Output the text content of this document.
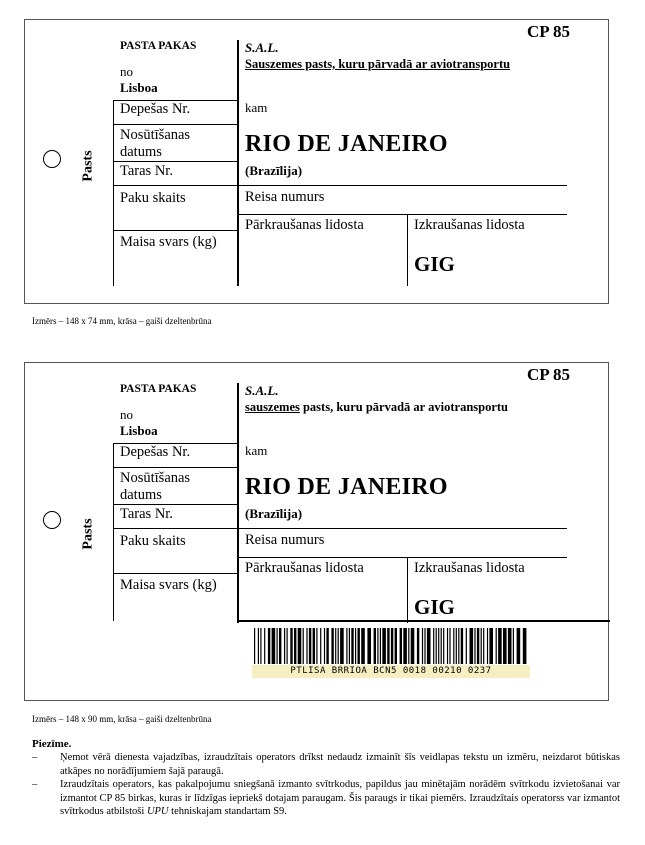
CP 85
Pasts
PASTA PAKAS
no
Lisboa
Depešas Nr.
Nosūtīšanas
datums
Taras Nr.
Paku skaits
Maisa svars (kg)
S.A.L.
Sauszemes pasts, kuru pārvadā ar aviotransportu
kam
RIO DE JANEIRO
(Brazīlija)
Reisa numurs
Pārkraušanas lidosta	Izkraušanas lidosta
GIG
Izmērs – 148 x 74 mm, krāsa – gaiši dzeltenbrūna
CP 85
Pasts
PASTA PAKAS
no
Lisboa
Depešas Nr.
Nosūtīšanas
datums
Taras Nr.
Paku skaits
Maisa svars (kg)
S.A.L.
sauszemes pasts, kuru pārvadā ar aviotransportu
kam
RIO DE JANEIRO
(Brazīlija)
Reisa numurs
Pārkraušanas lidosta	Izkraušanas lidosta
GIG
PTLISA BRRIOA BCN5 0018 00210 0237
Izmērs – 148 x 90 mm, krāsa – gaiši dzeltenbrūna
Piezīme.
– Ņemot vērā dienesta vajadzības, izraudzītais operators drīkst nedaudz izmainīt šīs veidlapas tekstu un izmēru, neizdarot būtiskas atkāpes no norādījumiem šajā paraugā.
– Izraudzītais operators, kas pakalpojumu sniegšanā izmanto svītrkodus, papildus jau minētajām norādēm svītrkodu izvietošanai var izmantot CP 85 birkas, kuras ir līdzīgas iepriekš dotajam paraugam. Šis paraugs ir tikai piemērs. Izraudzītais operatorss var izmantot svītrkodus atbilstoši UPU tehniskajam standartam S9.
